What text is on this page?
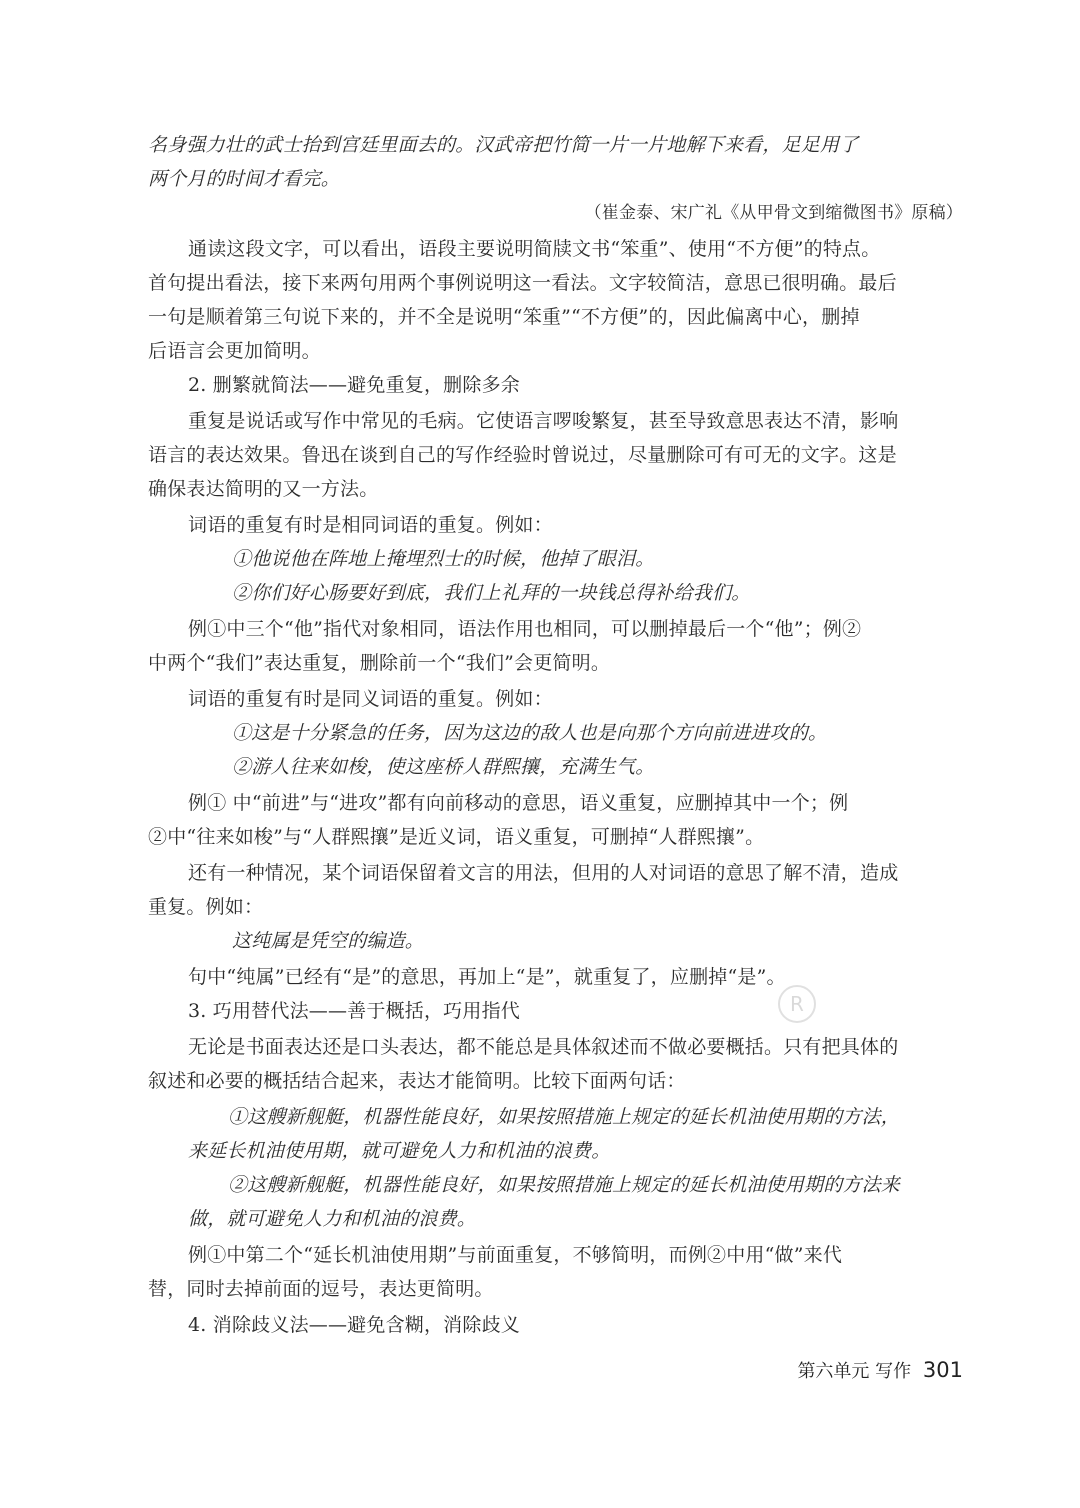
名身强力壮的武士抬到宫廷里面去的。汉武帝把竹简一片一片地解下来看，足足用了
两个月的时间才看完。
（崔金泰、宋广礼《从甲骨文到缩微图书》原稿）
通读这段文字，可以看出，语段主要说明简牍文书“笨重”、使用“不方便”的特点。
首句提出看法，接下来两句用两个事例说明这一看法。文字较简洁，意思已很明确。最后
一句是顺着第三句说下来的，并不全是说明“笨重”“不方便”的，因此偏离中心，删掉
后语言会更加简明。
2. 删繁就简法——避免重复，删除多余
重复是说话或写作中常见的毛病。它使语言啰唆繁复，甚至导致意思表达不清，影响
语言的表达效果。鲁迅在谈到自己的写作经验时曾说过，尽量删除可有可无的文字。这是
确保表达简明的又一方法。
词语的重复有时是相同词语的重复。例如：
①他说他在阵地上掩埋烈士的时候，他掉了眼泪。
②你们好心肠要好到底，我们上礼拜的一块钱总得补给我们。
例①中三个“他”指代对象相同，语法作用也相同，可以删掉最后一个“他”；例②
中两个“我们”表达重复，删除前一个“我们”会更简明。
词语的重复有时是同义词语的重复。例如：
①这是十分紧急的任务，因为这边的敌人也是向那个方向前进进攻的。
②游人往来如梭，使这座桥人群熙攘，充满生气。
例① 中“前进”与“进攻”都有向前移动的意思，语义重复，应删掉其中一个；例
②中“往来如梭”与“人群熙攘”是近义词，语义重复，可删掉“人群熙攘”。
还有一种情况，某个词语保留着文言的用法，但用的人对词语的意思了解不清，造成
重复。例如：
这纯属是凭空的编造。
句中“纯属”已经有“是”的意思，再加上“是”，就重复了，应删掉“是”。
3. 巧用替代法——善于概括，巧用指代
无论是书面表达还是口头表达，都不能总是具体叙述而不做必要概括。只有把具体的
叙述和必要的概括结合起来，表达才能简明。比较下面两句话：
①这艘新舰艇，机器性能良好，如果按照措施上规定的延长机油使用期的方法，
来延长机油使用期，就可避免人力和机油的浪费。
②这艘新舰艇，机器性能良好，如果按照措施上规定的延长机油使用期的方法来
做，就可避免人力和机油的浪费。
例①中第二个“延长机油使用期”与前面重复，不够简明，而例②中用“做”来代
替，同时去掉前面的逗号，表达更简明。
4. 消除歧义法——避免含糊，消除歧义
R
第六单元 写作 301
